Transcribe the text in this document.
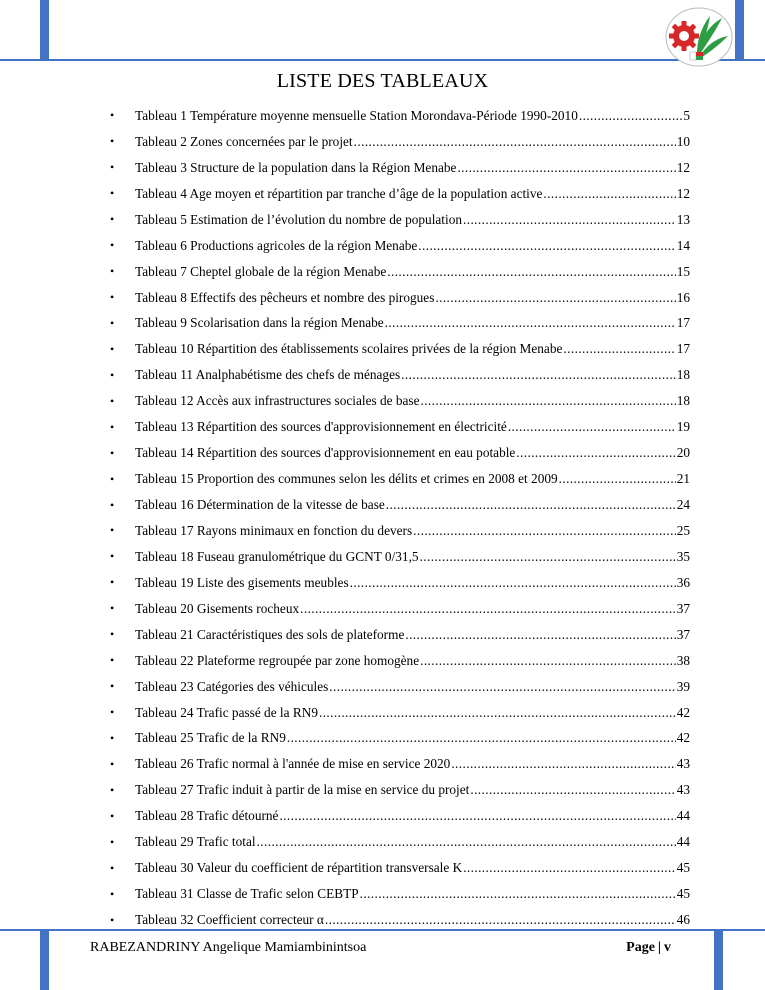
LISTE DES TABLEAUX
•	Tableau 1 Température moyenne mensuelle Station Morondava-Période 1990-2010 .....	5
•	Tableau 2 Zones concernées par le projet .....	10
•	Tableau 3 Structure de la population dans la Région Menabe .....	12
•	Tableau 4 Age moyen et répartition par tranche d’âge de la population active .....	12
•	Tableau 5 Estimation de l’évolution du nombre de population .....	13
•	Tableau 6 Productions agricoles de la région Menabe .....	14
•	Tableau 7 Cheptel globale de la région Menabe .....	15
•	Tableau 8 Effectifs des pêcheurs et nombre des pirogues .....	16
•	Tableau 9 Scolarisation dans la région Menabe .....	17
•	Tableau 10 Répartition des établissements scolaires privées de la région Menabe .....	17
•	Tableau 11 Analphabétisme des chefs de ménages .....	18
•	Tableau 12 Accès aux infrastructures sociales de base .....	18
•	Tableau 13 Répartition des sources d'approvisionnement en électricité .....	19
•	Tableau 14 Répartition des sources d'approvisionnement en eau potable .....	20
•	Tableau 15 Proportion des communes selon les délits et crimes en 2008 et 2009 .....	21
•	Tableau 16 Détermination de la vitesse de base .....	24
•	Tableau 17 Rayons minimaux en fonction du devers .....	25
•	Tableau 18 Fuseau granulométrique du GCNT 0/31,5 .....	35
•	Tableau 19 Liste des gisements meubles .....	36
•	Tableau 20 Gisements rocheux .....	37
•	Tableau 21 Caractéristiques des sols de plateforme .....	37
•	Tableau 22 Plateforme regroupée par zone homogène .....	38
•	Tableau 23 Catégories des véhicules .....	39
•	Tableau 24 Trafic passé de la RN9 .....	42
•	Tableau 25 Trafic de la RN9 .....	42
•	Tableau 26 Trafic normal à l'année de mise en service 2020 .....	43
•	Tableau 27 Trafic induit à partir de la mise en service du projet .....	43
•	Tableau 28 Trafic détourné .....	44
•	Tableau 29 Trafic total .....	44
•	Tableau 30 Valeur du coefficient de répartition transversale K .....	45
•	Tableau 31 Classe de Trafic selon CEBTP .....	45
•	Tableau 32 Coefficient correcteur α .....	46
RABEZANDRINY Angelique Mamiambinintsoa	Page | v
